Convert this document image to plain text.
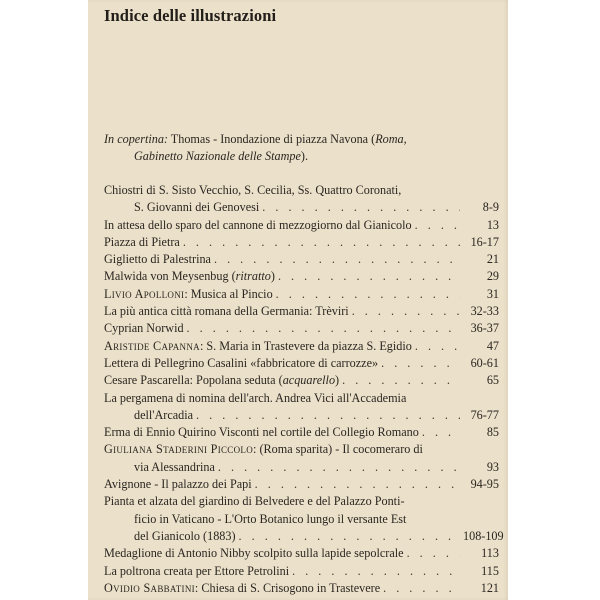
Indice delle illustrazioni
In copertina: Thomas - Inondazione di piazza Navona (Roma,
Gabinetto Nazionale delle Stampe).
Chiostri di S. Sisto Vecchio, S. Cecilia, Ss. Quattro Coronati,
S. Giovanni dei Genovesi . . .	8-9
In attesa dello sparo del cannone di mezzogiorno dal Gianicolo . . .	13
Piazza di Pietra . . .	16-17
Giglietto di Palestrina . . .	21
Malwida von Meysenbug (ritratto) . . .	29
Livio Apolloni: Musica al Pincio . . .	31
La più antica città romana della Germania: Trèviri . . .	32-33
Cyprian Norwid . . .	36-37
Aristide Capanna: S. Maria in Trastevere da piazza S. Egidio . . .	47
Lettera di Pellegrino Casalini «fabbricatore di carrozze» . . .	60-61
Cesare Pascarella: Popolana seduta (acquarello) . . .	65
La pergamena di nomina dell'arch. Andrea Vici all'Accademia
dell'Arcadia . . .	76-77
Erma di Ennio Quirino Visconti nel cortile del Collegio Romano . . .	85
Giuliana Staderini Piccolo: (Roma sparita) - Il cocomeraro di
via Alessandrina . . .	93
Avignone - Il palazzo dei Papi . . .	94-95
Pianta et alzata del giardino di Belvedere e del Palazzo Ponti-
ficio in Vaticano - L'Orto Botanico lungo il versante Est
del Gianicolo (1883) . . .	108-109
Medaglione di Antonio Nibby scolpito sulla lapide sepolcrale . . .	113
La poltrona creata per Ettore Petrolini . . .	115
Ovidio Sabbatini: Chiesa di S. Crisogono in Trastevere . . .	121
